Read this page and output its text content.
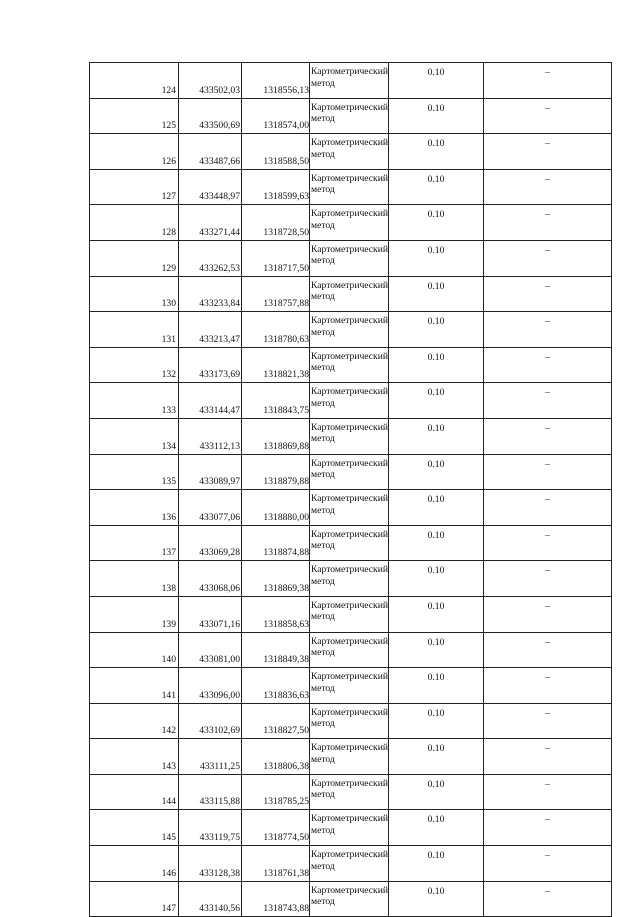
124	433502,03	1318556,13	Картометрический метод	0.10	–
125	433500,69	1318574,00	Картометрический метод	0.10	–
126	433487,66	1318588,50	Картометрический метод	0.10	–
127	433448,97	1318599,63	Картометрический метод	0.10	–
128	433271,44	1318728,50	Картометрический метод	0.10	–
129	433262,53	1318717,50	Картометрический метод	0.10	–
130	433233,84	1318757,88	Картометрический метод	0.10	–
131	433213,47	1318780,63	Картометрический метод	0.10	–
132	433173,69	1318821,38	Картометрический метод	0.10	–
133	433144,47	1318843,75	Картометрический метод	0.10	–
134	433112,13	1318869,88	Картометрический метод	0.10	–
135	433089,97	1318879,88	Картометрический метод	0.10	–
136	433077,06	1318880,00	Картометрический метод	0.10	–
137	433069,28	1318874,88	Картометрический метод	0.10	–
138	433068,06	1318869,38	Картометрический метод	0.10	–
139	433071,16	1318858,63	Картометрический метод	0.10	–
140	433081,00	1318849,38	Картометрический метод	0.10	–
141	433096,00	1318836,63	Картометрический метод	0.10	–
142	433102,69	1318827,50	Картометрический метод	0.10	–
143	433111,25	1318806,38	Картометрический метод	0.10	–
144	433115,88	1318785,25	Картометрический метод	0.10	–
145	433119,75	1318774,50	Картометрический метод	0.10	–
146	433128,38	1318761,38	Картометрический метод	0.10	–
147	433140,56	1318743,88	Картометрический метод	0.10	–
